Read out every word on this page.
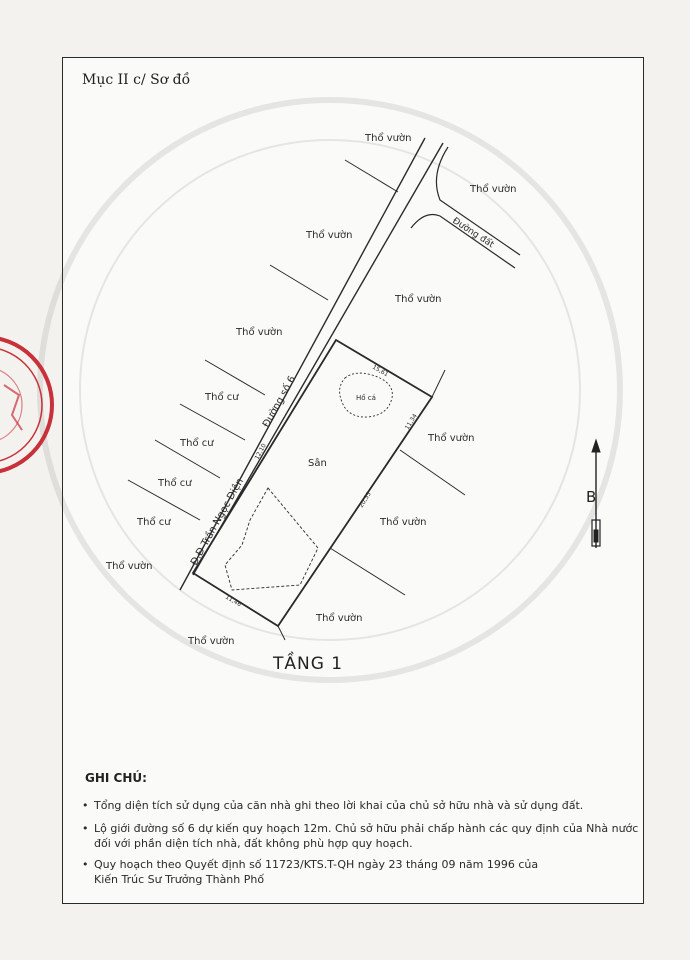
Mục II c/ Sơ đồ
15,61
11,34
20,35
11,46
12,10
Thổ vườn
Thổ vườn
Thổ vườn
Thổ vườn
Thổ vườn
Thổ vườn
Thổ vườn
Thổ vườn
Thổ vườn
Thổ vườn
Thổ cư
Thổ cư
Thổ cư
Thổ cư
Đường đất
Đ.Đ Trần Ngọc Diện
Đường số 6
Sân
Hồ cá
TẦNG 1
B
GHI CHÚ:
• Tổng diện tích sử dụng của căn nhà ghi theo lời khai của chủ sở hữu nhà và sử dụng đất.
• Lộ giới đường số 6 dự kiến quy hoạch 12m. Chủ sở hữu phải chấp hành các quy định của Nhà nước
đối với phần diện tích nhà, đất không phù hợp quy hoạch.
• Quy hoạch theo Quyết định số 11723/KTS.T-QH ngày 23 tháng 09 năm 1996 của
Kiến Trúc Sư Trưởng Thành Phố
